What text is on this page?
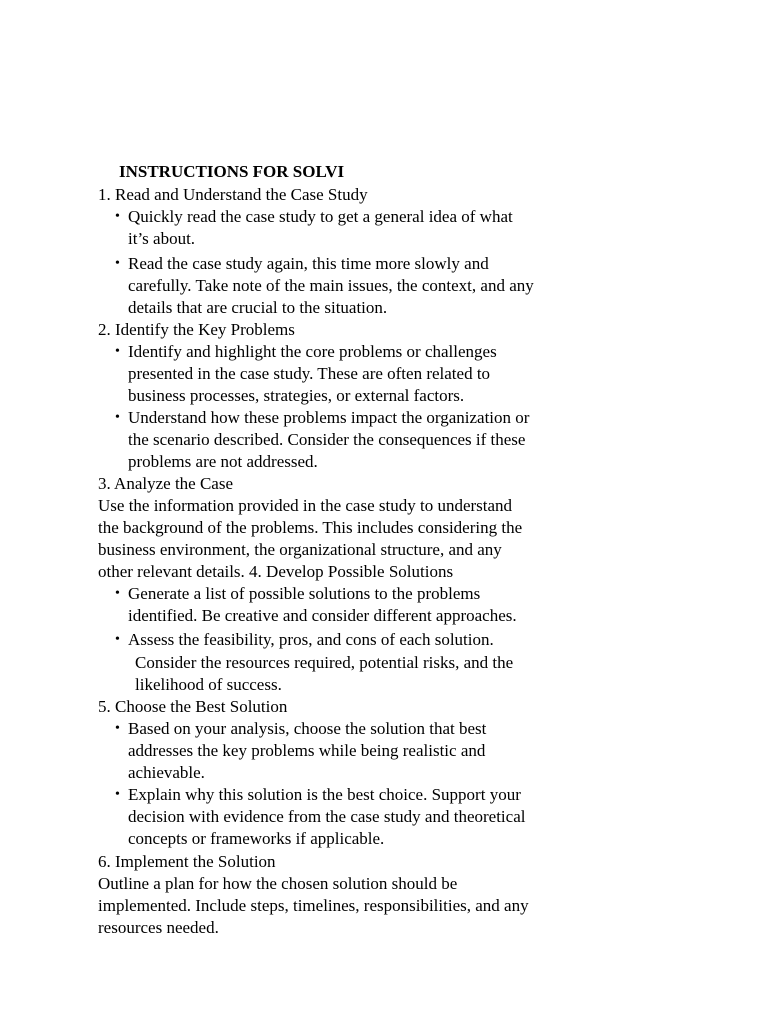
INSTRUCTIONS FOR SOLVI
1. Read and Understand the Case Study
• Quickly read the case study to get a general idea of what
it’s about.
• Read the case study again, this time more slowly and
carefully. Take note of the main issues, the context, and any
details that are crucial to the situation.
2. Identify the Key Problems
• Identify and highlight the core problems or challenges
presented in the case study. These are often related to
business processes, strategies, or external factors.
• Understand how these problems impact the organization or
the scenario described. Consider the consequences if these
problems are not addressed.
3. Analyze the Case
Use the information provided in the case study to understand
the background of the problems. This includes considering the
business environment, the organizational structure, and any
other relevant details. 4. Develop Possible Solutions
• Generate a list of possible solutions to the problems
identified. Be creative and consider different approaches.
• Assess the feasibility, pros, and cons of each solution.
Consider the resources required, potential risks, and the
likelihood of success.
5. Choose the Best Solution
• Based on your analysis, choose the solution that best
addresses the key problems while being realistic and
achievable.
• Explain why this solution is the best choice. Support your
decision with evidence from the case study and theoretical
concepts or frameworks if applicable.
6. Implement the Solution
Outline a plan for how the chosen solution should be
implemented. Include steps, timelines, responsibilities, and any
resources needed.
